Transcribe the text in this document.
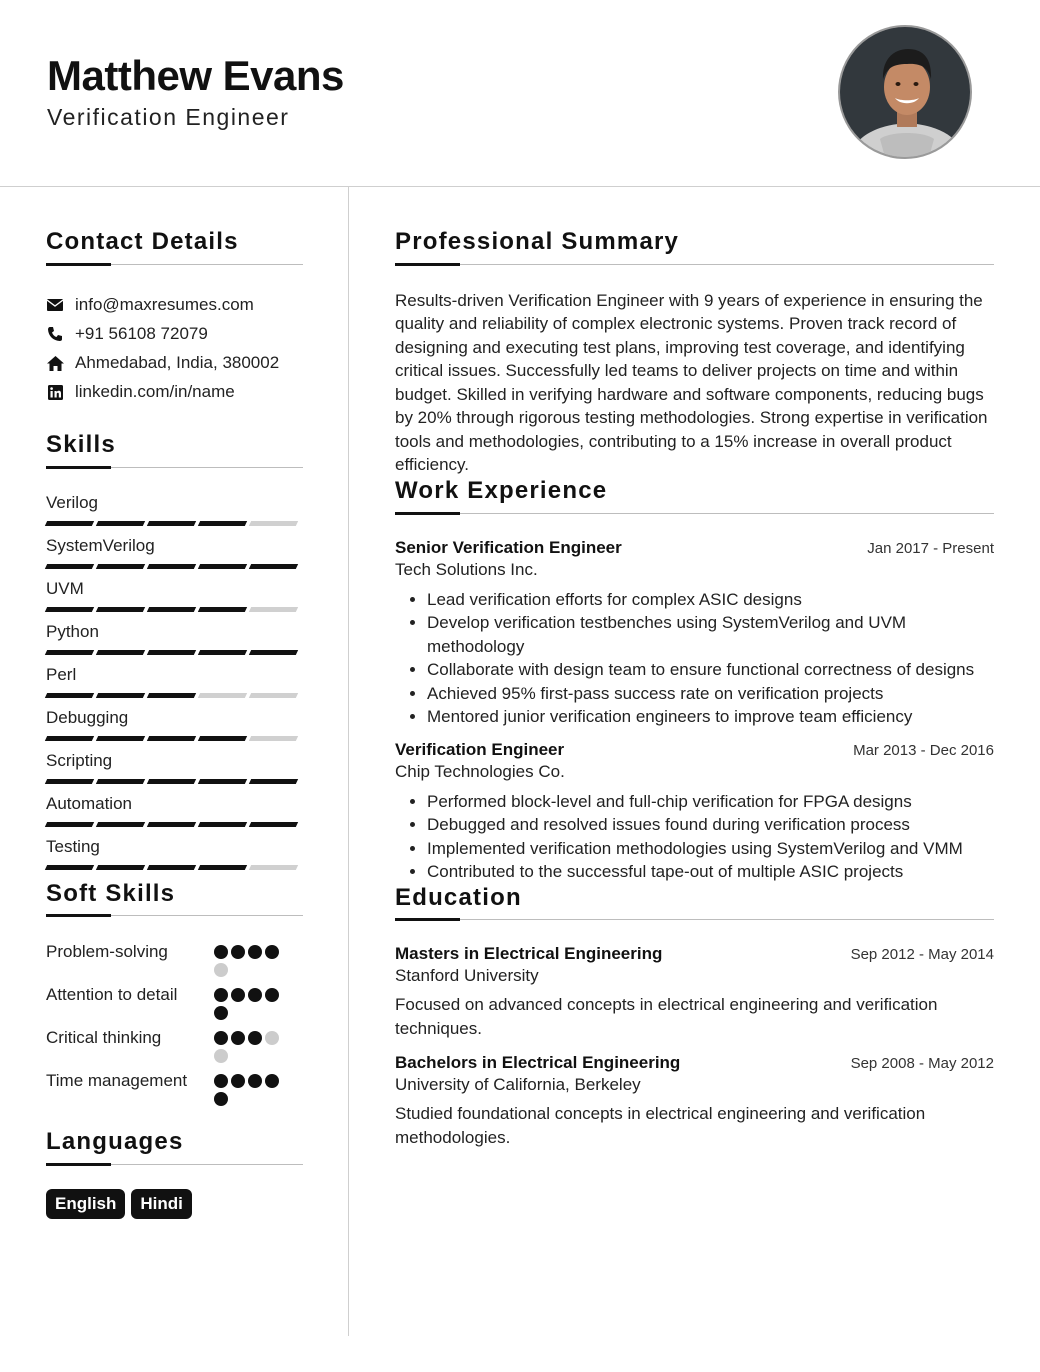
Matthew Evans
Verification Engineer
Contact Details
info@maxresumes.com
+91 56108 72079
Ahmedabad, India, 380002
linkedin.com/in/name
Skills
Verilog
SystemVerilog
UVM
Python
Perl
Debugging
Scripting
Automation
Testing
Soft Skills
Problem-solving
Attention to detail
Critical thinking
Time management
Languages
English	Hindi
Professional Summary
Results-driven Verification Engineer with 9 years of experience in ensuring the quality and reliability of complex electronic systems. Proven track record of designing and executing test plans, improving test coverage, and identifying critical issues. Successfully led teams to deliver projects on time and within budget. Skilled in verifying hardware and software components, reducing bugs by 20% through rigorous testing methodologies. Strong expertise in verification tools and methodologies, contributing to a 15% increase in overall product efficiency.
Work Experience
Senior Verification Engineer	Jan 2017 - Present
Tech Solutions Inc.
• Lead verification efforts for complex ASIC designs
• Develop verification testbenches using SystemVerilog and UVM methodology
• Collaborate with design team to ensure functional correctness of designs
• Achieved 95% first-pass success rate on verification projects
• Mentored junior verification engineers to improve team efficiency
Verification Engineer	Mar 2013 - Dec 2016
Chip Technologies Co.
• Performed block-level and full-chip verification for FPGA designs
• Debugged and resolved issues found during verification process
• Implemented verification methodologies using SystemVerilog and VMM
• Contributed to the successful tape-out of multiple ASIC projects
Education
Masters in Electrical Engineering	Sep 2012 - May 2014
Stanford University
Focused on advanced concepts in electrical engineering and verification techniques.
Bachelors in Electrical Engineering	Sep 2008 - May 2012
University of California, Berkeley
Studied foundational concepts in electrical engineering and verification methodologies.
